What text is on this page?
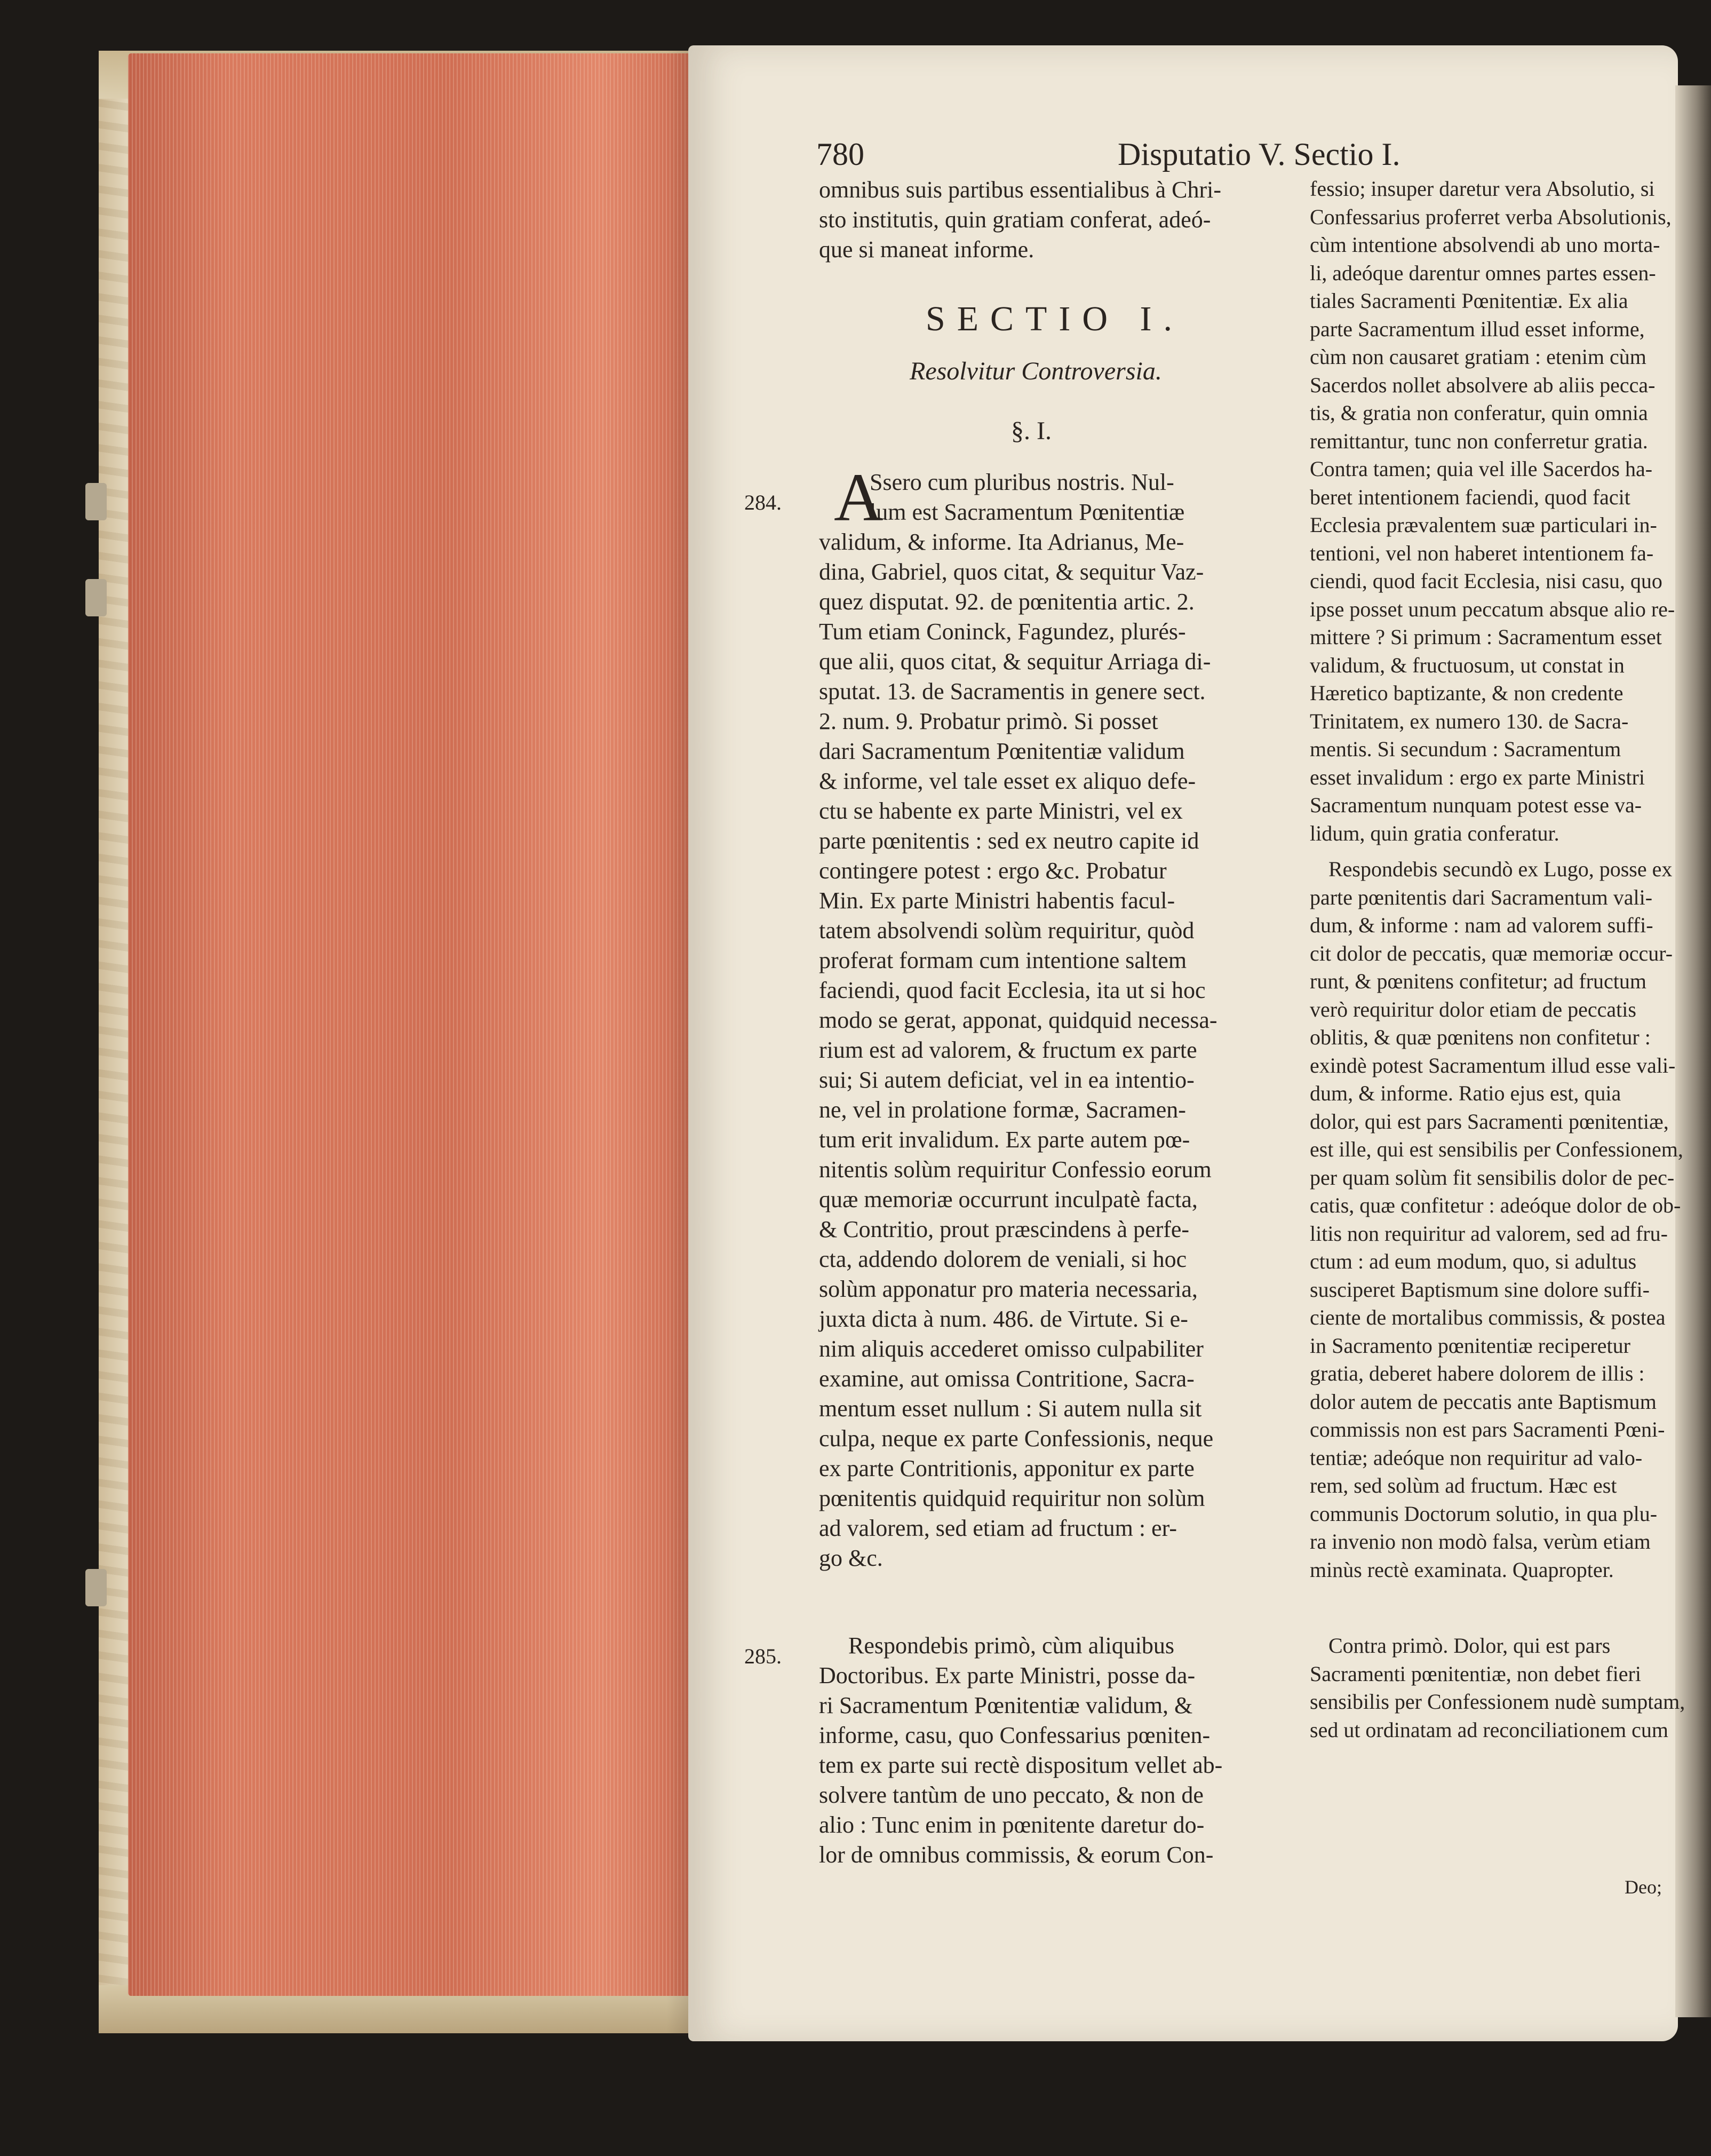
780	Disputatio V. Sectio I.
omnibus suis partibus essentialibus à Chri-
sto institutis, quin gratiam conferat, adeó-
que si maneat informe.
SECTIO I.
Resolvitur Controversia.
§. I.
A
Ssero cum pluribus nostris. Nul-
lum est Sacramentum Pœnitentiæ
validum, & informe. Ita Adrianus, Me-
dina, Gabriel, quos citat, & sequitur Vaz-
quez disputat. 92. de pœnitentia artic. 2.
Tum etiam Coninck, Fagundez, plurés-
que alii, quos citat, & sequitur Arriaga di-
sputat. 13. de Sacramentis in genere sect.
2. num. 9. Probatur primò. Si posset
dari Sacramentum Pœnitentiæ validum
& informe, vel tale esset ex aliquo defe-
ctu se habente ex parte Ministri, vel ex
parte pœnitentis : sed ex neutro capite id
contingere potest : ergo &c. Probatur
Min. Ex parte Ministri habentis facul-
tatem absolvendi solùm requiritur, quòd
proferat formam cum intentione saltem
faciendi, quod facit Ecclesia, ita ut si hoc
modo se gerat, apponat, quidquid necessa-
rium est ad valorem, & fructum ex parte
sui; Si autem deficiat, vel in ea intentio-
ne, vel in prolatione formæ, Sacramen-
tum erit invalidum. Ex parte autem pœ-
nitentis solùm requiritur Confessio eorum
quæ memoriæ occurrunt inculpatè facta,
& Contritio, prout præscindens à perfe-
cta, addendo dolorem de veniali, si hoc
solùm apponatur pro materia necessaria,
juxta dicta à num. 486. de Virtute. Si e-
nim aliquis accederet omisso culpabiliter
examine, aut omissa Contritione, Sacra-
mentum esset nullum : Si autem nulla sit
culpa, neque ex parte Confessionis, neque
ex parte Contritionis, apponitur ex parte
pœnitentis quidquid requiritur non solùm
ad valorem, sed etiam ad fructum : er-
go &c.
Respondebis primò, cùm aliquibus
Doctoribus. Ex parte Ministri, posse da-
ri Sacramentum Pœnitentiæ validum, &
informe, casu, quo Confessarius pœniten-
tem ex parte sui rectè dispositum vellet ab-
solvere tantùm de uno peccato, & non de
alio : Tunc enim in pœnitente daretur do-
lor de omnibus commissis, & eorum Con-
284.
285.
fessio; insuper daretur vera Absolutio, si
Confessarius proferret verba Absolutionis,
cùm intentione absolvendi ab uno morta-
li, adeóque darentur omnes partes essen-
tiales Sacramenti Pœnitentiæ. Ex alia
parte Sacramentum illud esset informe,
cùm non causaret gratiam : etenim cùm
Sacerdos nollet absolvere ab aliis pecca-
tis, & gratia non conferatur, quin omnia
remittantur, tunc non conferretur gratia.
Contra tamen; quia vel ille Sacerdos ha-
beret intentionem faciendi, quod facit
Ecclesia prævalentem suæ particulari in-
tentioni, vel non haberet intentionem fa-
ciendi, quod facit Ecclesia, nisi casu, quo
ipse posset unum peccatum absque alio re-
mittere ? Si primum : Sacramentum esset
validum, & fructuosum, ut constat in
Hæretico baptizante, & non credente
Trinitatem, ex numero 130. de Sacra-
mentis. Si secundum : Sacramentum
esset invalidum : ergo ex parte Ministri
Sacramentum nunquam potest esse va-
lidum, quin gratia conferatur.
Respondebis secundò ex Lugo, posse ex
parte pœnitentis dari Sacramentum vali-
dum, & informe : nam ad valorem suffi-
cit dolor de peccatis, quæ memoriæ occur-
runt, & pœnitens confitetur; ad fructum
verò requiritur dolor etiam de peccatis
oblitis, & quæ pœnitens non confitetur :
exindè potest Sacramentum illud esse vali-
dum, & informe. Ratio ejus est, quia
dolor, qui est pars Sacramenti pœnitentiæ,
est ille, qui est sensibilis per Confessionem,
per quam solùm fit sensibilis dolor de pec-
catis, quæ confitetur : adeóque dolor de ob-
litis non requiritur ad valorem, sed ad fru-
ctum : ad eum modum, quo, si adultus
susciperet Baptismum sine dolore suffi-
ciente de mortalibus commissis, & postea
in Sacramento pœnitentiæ reciperetur
gratia, deberet habere dolorem de illis :
dolor autem de peccatis ante Baptismum
commissis non est pars Sacramenti Pœni-
tentiæ; adeóque non requiritur ad valo-
rem, sed solùm ad fructum. Hæc est
communis Doctorum solutio, in qua plu-
ra invenio non modò falsa, verùm etiam
minùs rectè examinata. Quapropter.
Contra primò. Dolor, qui est pars
Sacramenti pœnitentiæ, non debet fieri
sensibilis per Confessionem nudè sumptam,
sed ut ordinatam ad reconciliationem cum
Deo;
